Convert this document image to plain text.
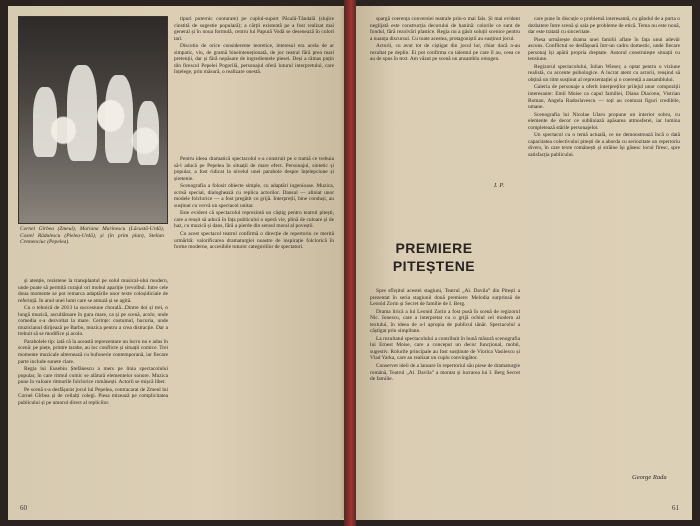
Cornel Gîrbea (Zmeul), Mariana Marinescu (Lăcustă-Urdă), Costel Rădulescu (Pielea-Urdă), și (în prim plan), Stelian Cremenciuc (Pepelea).

tipuri puternic conturate) pe cuplul-suport Păcală-Tândală (slujire cinstită de sugestie populară); a cărții existentă pe a fost realizat mai general și în noua formulă, centru lui Papură Vodă se desenează în culori tari.

Discutio de orice considerente teoretice, interesul era acela de ar simpatic, viu, de gramă bineinteneționată, de joc teatral fără prea mari pretenții, dar și fără nepăsare de ingredientele piesei. Deși a rămas puțin din firescul Pepelei Pogorilă, personajul oferă luturul interpretului, care înțelege, prin măsură, o realizare onestă.

și atenție, rezistene la transplantul pe solul musical-ului modern, unde poate să permită curajul ori mobul apariție (revolbul. Intre cele doua momente se pot remarca adaptările unor texte coloșidiciale de referință. In anul unei lumi care se amuză și se agită.

Cu o tehnică de 2013 la succesiune chorală...Dintre doi și trei, o lungă muzică, ascultătoare în gura mare, ca și pe scenă, acolo, unde comedia s-a dezvoltat la mare. Cerințe: costumul, bucuria, unde muzicianul dirijează pe Barbu, muzica pentru a crea distracție. Dar a trebuit să se modifice și acolo.

Parabolele tip: iată că la această reprezentare un lucru nu e adus în scenă: pe piețe, printre tarabe, au loc conflicte și situații comice. Trei momente muzicale alternează cu bufonerie contemporană, iar fiecare parte include sunete clare.

Regia lui Eusebiu Ștefănescu a mers pe linia spectacolului popular, în care ritmul comic se alătură elementelor sonore. Muzica pune în valoare ritmurile folclorice românești. Actorii se mișcă liber.

Pe scenă s-a desfășurat jocul lui Pepelea, contracarat de Zmeul lui Cornel Gîrbea și de ceilalți colegi. Piesa mizează pe complicitatea publicului și pe umorul direct al replicilor.

Pentru ideea dramatică spectacolul s-a construit pe o tramă ce trebuia să-l aducă pe Pepelea în situații de mare efect. Personajul, sintetic și popular, a fost ridicat la nivelul unei parabole despre înțelepciune și șiretenie.

Scenografia a folosit obiecte simple, cu adaptări ingenioase. Muzica, scrisă special, dialoghează cu replica actorilor. Dansul — aliniat unor modele folclorice — a fost pregătit cu grijă. Interpreții, bine conduși, au susținut cu vervă un spectacol unitar.

Este evident că spectacolul reprezintă un câștig pentru teatrul pitești, care a reușit să aducă în fața publicului o operă vie, plină de culoare și de haz, cu muzică și dans, fără a pierde din sensul moral al poveștii.

Cu acest spectacol teatrul confirmă o direcție de repertoriu ce merită urmărită: valorificarea dramaturgiei noastre de inspirație folclorică în forme moderne, accesibile tuturor categoriilor de spectatori.

60

spargă coerența conversiei teatrale prin-o mai fals. Și mai evident neglijată este construcția decorului de hanină: colorile ce sunt de fondul, fără rezolvări plastice. Regia nu a găsit soluții scenice pentru a nuanța discursul. Cu toate acestea, protagoniștii au susținut jocul.

Actorii, cu avut tot de ciștigat din jocul lor, chiar dacă n-au rezultat pe deplin. Ei pot confirma cu talentul pe care îl au, ceea ce au de spus în text. Am văzut pe scenă un ansamblu omogen.

I. P.
PREMIERE
PITEȘTENE

Spre sfîrșitul acestei stagiuni, Teatrul „Al. Davila” din Pitești a prezentat în seria stagiunii două premiere: Melodia surprinsă de Leonid Zorin și Secret de familie de I. Berg.

Drama lirică a lui Leonid Zorin a fost pusă în scenă de regizorul Nic. Ionescu, care a interpretat cu o grijă ochiul cel modern al textului, în ideea de a-l apropia de publicul tânăr. Spectacolul a câștigat prin simplitate.

La rezultatul spectacolului a contribuit în bună măsură scenografia lui Ernest Moise, care a conceput un decor funcțional, mobil, sugestiv. Rolurile principale au fost susținute de Viorica Vasilescu și Vlad Yarka, care au realizat un cuplu convingător.

Conservet ideii de a lansare în repertoriul său piese de dramaturgie română, Teatrul „Al. Davila” a montat și lucrarea lui I. Berg Secret de familie.

care pune în discuție o problemă interesantă, cu gândul de a purta o dezbatere între scenă și sala pe probleme de etică. Tema nu este nouă, dar este tratată cu sinceritate.

Piesa urmărește drama unei familii aflate în fața unui adevăr ascuns. Conflictul se desfășoară într-un cadru domestic, unde fiecare personaj își apără propria dreptate. Autorul construiește situații cu tensiune.

Regizorul spectacolului, Iulian Wieser, a optat pentru o viziune realistă, cu accente psihologice. A lucrat atent cu actorii, reușind să obțină un ritm susținut al reprezentației și o coerență a ansamblului.

Galeria de personaje a oferit interpreților prilejul unor compoziții interesante: Emil Moise ca capul familiei, Diana Diaconu, Vistrian Roman, Angela Radoslavescu — toți au conturat figuri credibile, umane.

Scenografia lui Nicolae Ularu propune un interior sobru, cu elemente de decor ce subliniază apăsarea atmosferei, iar lumina completează stările personajelor.

Un spectacol cu o temă actuală, ce ne demonstrează încă o dată capacitatea colectivului pitești de a aborda cu seriozitate un repertoriu divers, în care texte românești și străine își găsesc locul firesc, spre satisfacția publicului.

George Radu
61
